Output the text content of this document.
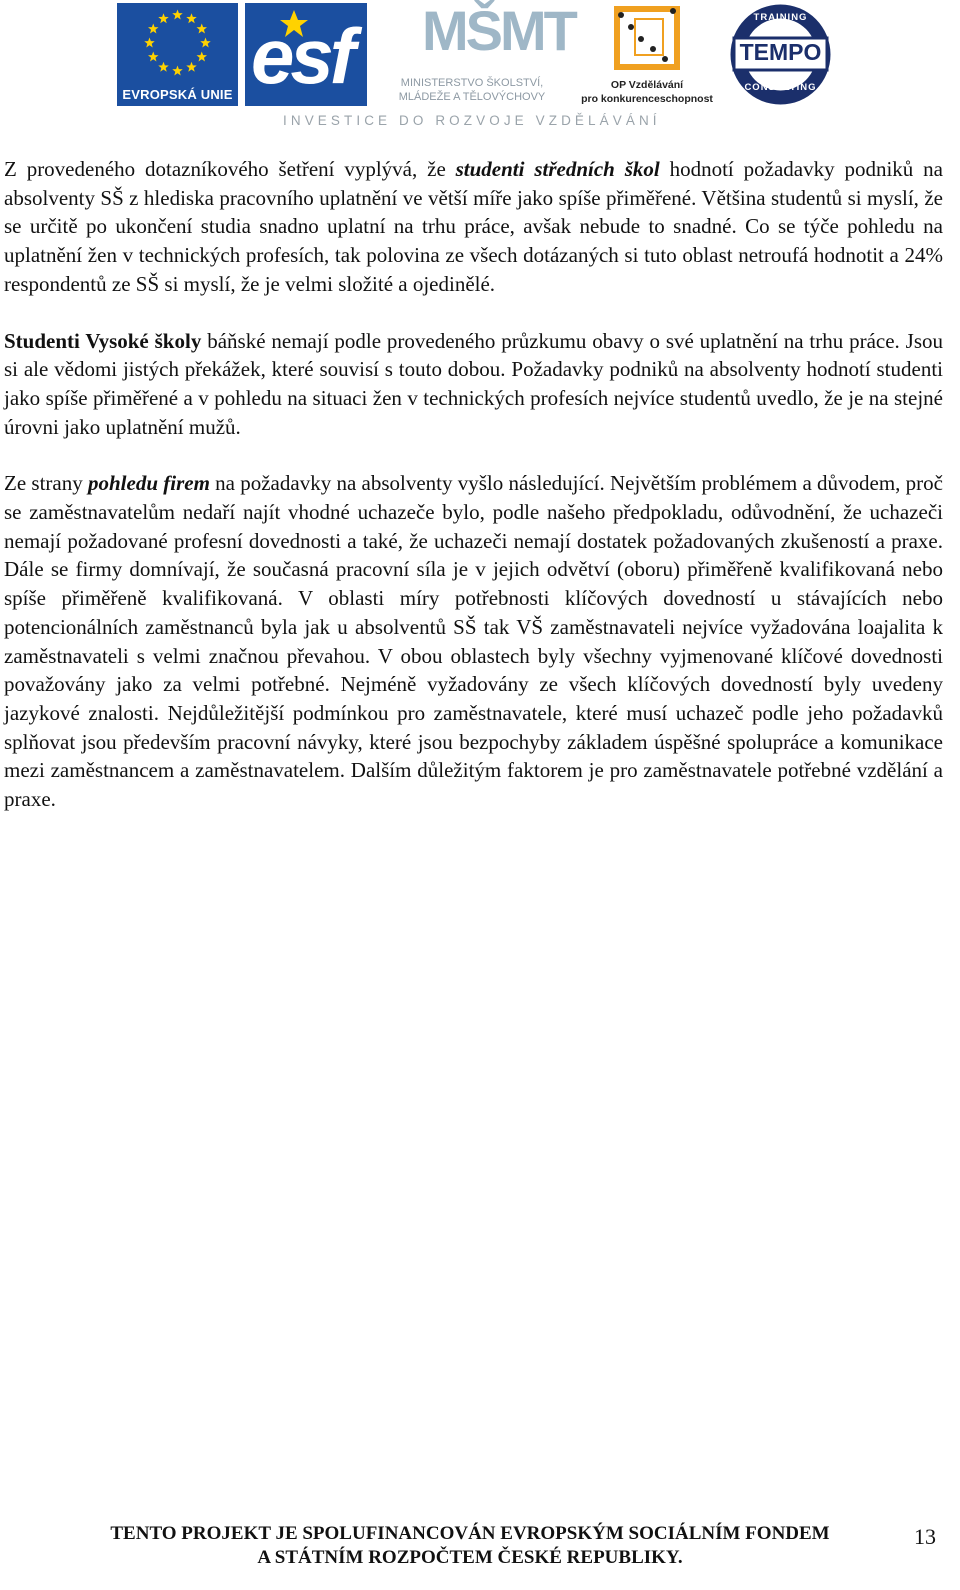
EVROPSKÁ UNIE esf MŠMT
MINISTERSTVO ŠKOLSTVÍ,
MLÁDEŽE A TĚLOVÝCHOVY
OP Vzdělávání
pro konkurenceschopnost
TRAINING
TEMPO
CONSULTING
INVESTICE DO ROZVOJE VZDĚLÁVÁNÍ

Z provedeného dotazníkového šetření vyplývá, že studenti středních škol hodnotí požadavky podniků na absolventy SŠ z hlediska pracovního uplatnění ve větší míře jako spíše přiměřené. Většina studentů si myslí, že se určitě po ukončení studia snadno uplatní na trhu práce, avšak nebude to snadné. Co se týče pohledu na uplatnění žen v technických profesích, tak polovina ze všech dotázaných si tuto oblast netroufá hodnotit a 24% respondentů ze SŠ si myslí, že je velmi složité a ojedinělé.

Studenti Vysoké školy báňské nemají podle provedeného průzkumu obavy o své uplatnění na trhu práce. Jsou si ale vědomi jistých překážek, které souvisí s touto dobou. Požadavky podniků na absolventy hodnotí studenti jako spíše přiměřené a v pohledu na situaci žen v technických profesích nejvíce studentů uvedlo, že je na stejné úrovni jako uplatnění mužů.

Ze strany pohledu firem na požadavky na absolventy vyšlo následující. Největším problémem a důvodem, proč se zaměstnavatelům nedaří najít vhodné uchazeče bylo, podle našeho předpokladu, odůvodnění, že uchazeči nemají požadované profesní dovednosti a také, že uchazeči nemají dostatek požadovaných zkušeností a praxe. Dále se firmy domnívají, že současná pracovní síla je v jejich odvětví (oboru) přiměřeně kvalifikovaná nebo spíše přiměřeně kvalifikovaná. V oblasti míry potřebnosti klíčových dovedností u stávajících nebo potencionálních zaměstnanců byla jak u absolventů SŠ tak VŠ zaměstnavateli nejvíce vyžadována loajalita k zaměstnavateli s velmi značnou převahou. V obou oblastech byly všechny vyjmenované klíčové dovednosti považovány jako za velmi potřebné. Nejméně vyžadovány ze všech klíčových dovedností byly uvedeny jazykové znalosti. Nejdůležitější podmínkou pro zaměstnavatele, které musí uchazeč podle jeho požadavků splňovat jsou především pracovní návyky, které jsou bezpochyby základem úspěšné spolupráce a komunikace mezi zaměstnancem a zaměstnavatelem. Dalším důležitým faktorem je pro zaměstnavatele potřebné vzdělání a praxe.

TENTO PROJEKT JE SPOLUFINANCOVÁN EVROPSKÝM SOCIÁLNÍM FONDEM
A STÁTNÍM ROZPOČTEM ČESKÉ REPUBLIKY.
13
